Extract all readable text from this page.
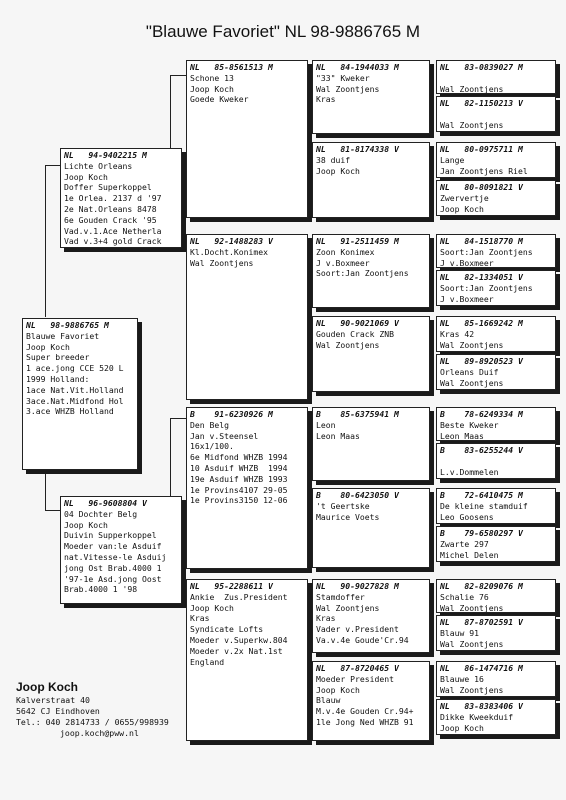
"Blauwe Favoriet" NL 98-9886765 M
NL   98-9886765 M
Blauwe Favoriet
Joop Koch
Super breeder
1 ace.jong CCE 520 L
1999 Holland:
1ace Nat.Vit.Holland
3ace.Nat.Midfond Hol
3.ace WHZB Holland
NL   94-9402215 M
Lichte Orleans
Joop Koch
Doffer Superkoppel
1e Orlea. 2137 d '97
2e Nat.Orleans 8478
6e Gouden Crack '95
Vad.v.1.Ace Netherla
Vad v.3+4 gold Crack
NL   96-9608804 V
04 Dochter Belg
Joop Koch
Duivin Supperkoppel
Moeder van:le Asduif
nat.Vitesse-le Asduij
jong Ost Brab.4000 1
'97-1e Asd.jong Oost
Brab.4000 1 '98
NL   85-8561513 M
Schone 13
Joop Koch
Goede Kweker
NL   92-1488283 V
Kl.Docht.Konimex
Wal Zoontjens
B    91-6230926 M
Den Belg
Jan v.Steensel
16x1/100.
6e Midfond WHZB 1994
10 Asduif WHZB  1994
19e Asduif WHZB 1993
1e Provins4107 29-05
1e Provins3150 12-06
NL   95-2288611 V
Ankie  Zus.President
Joop Koch
Kras
Syndicate Lofts
Moeder v.Superkw.804
Moeder v.2x Nat.1st
England
NL   84-1944033 M
"33" Kweker
Wal Zoontjens
Kras
NL   81-8174338 V
38 duif
Joop Koch
NL   91-2511459 M
Zoon Konimex
J v.Boxmeer
Soort:Jan Zoontjens
NL   90-9021069 V
Gouden Crack ZNB
Wal Zoontjens
B    85-6375941 M
Leon
Leon Maas
B    80-6423050 V
't Geertske
Maurice Voets
NL   90-9027828 M
Stamdoffer
Wal Zoontjens
Kras
Vader v.President
Va.v.4e Goude'Cr.94
NL   87-8720465 V
Moeder President
Joop Koch
Blauw
M.v.4e Gouden Cr.94+
1le Jong Ned WHZB 91
NL   83-0839027 M
Wal Zoontjens
NL   82-1150213 V
Wal Zoontjens
NL   80-0975711 M
Lange
Jan Zoontjens Riel
NL   80-8091821 V
Zwervertje
Joop Koch
NL   84-1518770 M
Soort:Jan Zoontjens
J v.Boxmeer
NL   82-1334051 V
Soort:Jan Zoontjens
J v.Boxmeer
NL   85-1669242 M
Kras 42
Wal Zoontjens
NL   89-8920523 V
Orleans Duif
Wal Zoontjens
B    78-6249334 M
Beste Kweker
Leon Maas
B    83-6255244 V
L.v.Dommelen
B    72-6410475 M
De kleine stamduif
Leo Goosens
B    79-6580297 V
Zwarte 297
Michel Delen
NL   82-8209076 M
Schalie 76
Wal Zoontjens
NL   87-8702591 V
Blauw 91
Wal Zoontjens
NL   86-1474716 M
Blauwe 16
Wal Zoontjens
NL   83-8383406 V
Dikke Kweekduif
Joop Koch
Joop Koch
Kalverstraat 40
5642 CJ Eindhoven
Tel.: 040 2814733 / 0655/998939
joop.koch@pww.nl
